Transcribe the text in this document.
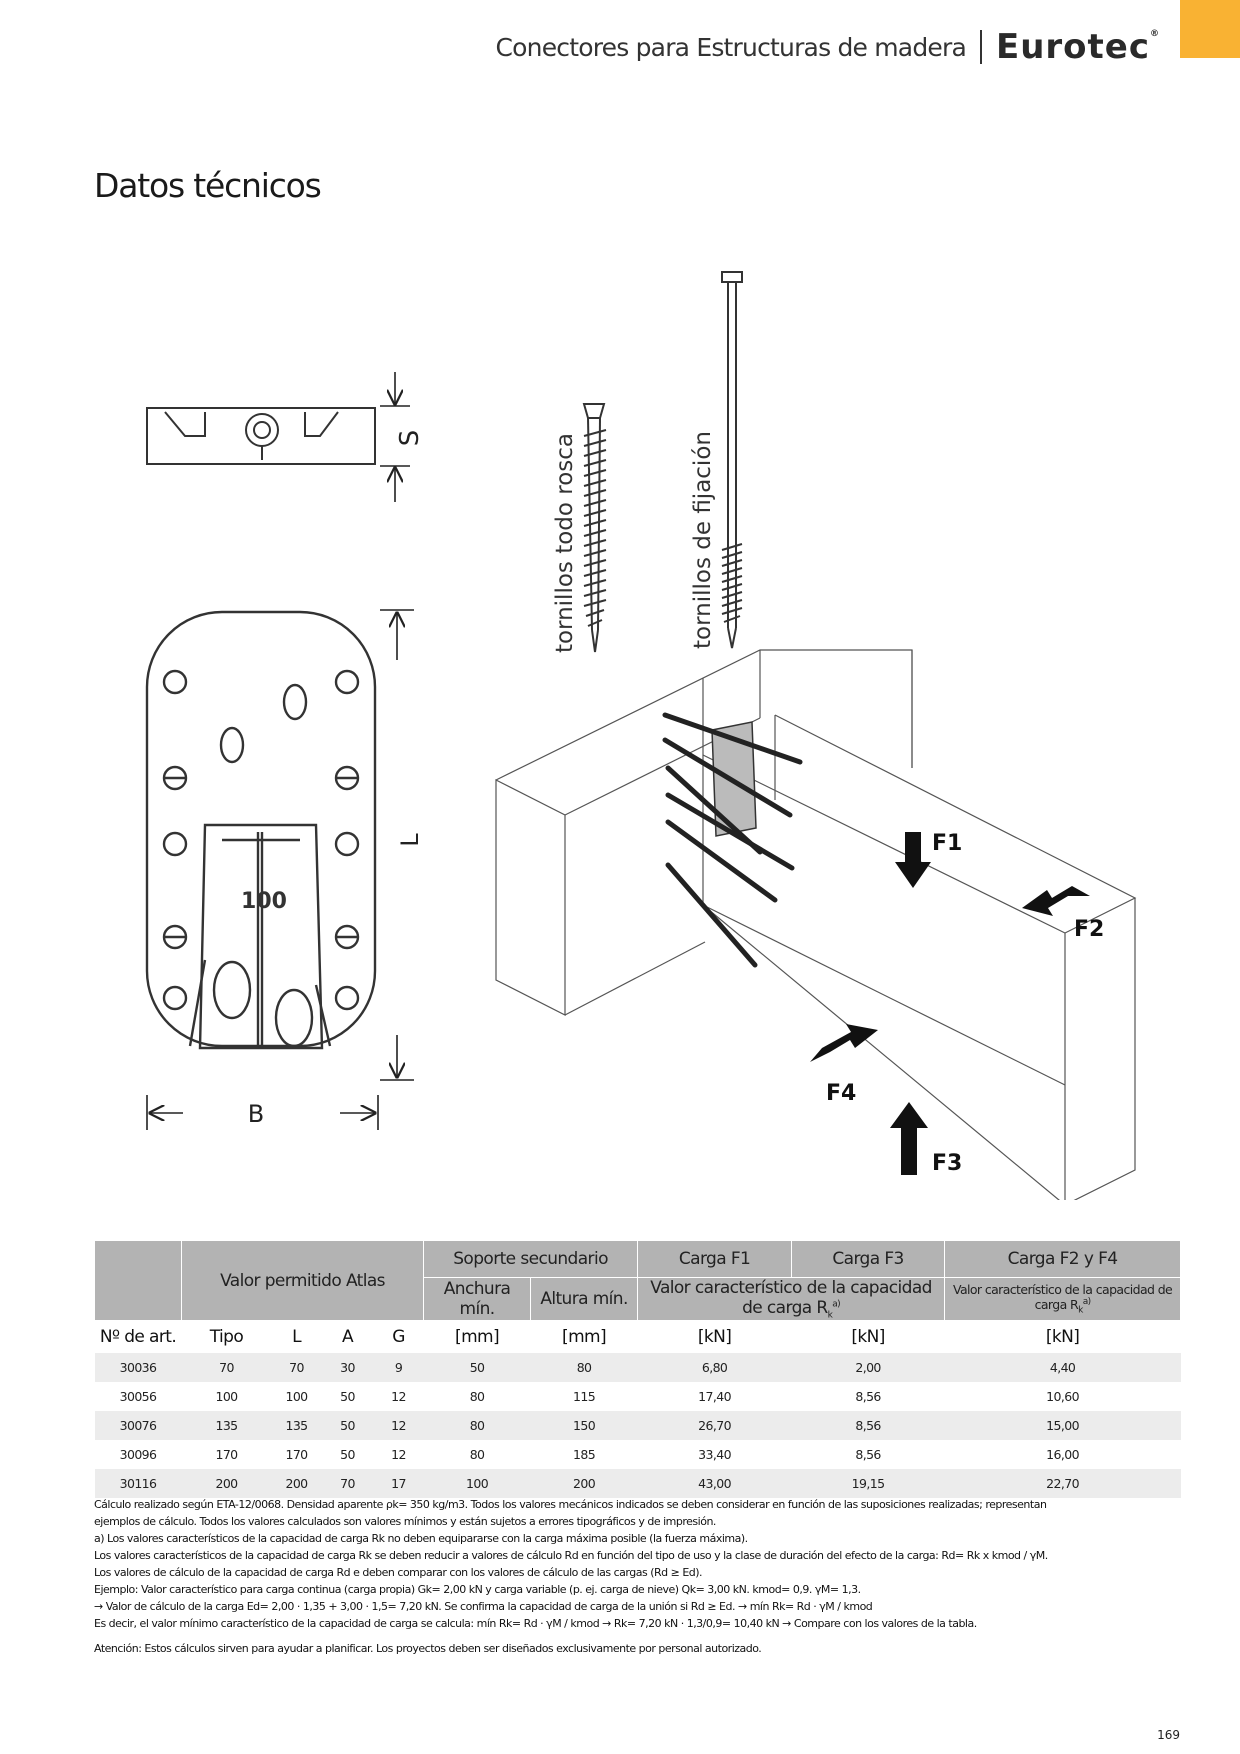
Conectores para Estructuras de madera Eurotec ®
Datos técnicos
S
100
L
B
tornillos todo rosca	tornillos de fijación
F1
F2
F4
F3
	Valor permitido Atlas				Soporte secundario		Carga F1	Carga F3	Carga F2 y F4
					Anchura mín.	Altura mín.	Valor característico de la capacidad de carga $R_k^{a)}$		Valor característico de la capacidad de carga $R_k^{a)}$
Nº de art.	Tipo	L	A	G	[mm]	[mm]	[kN]	[kN]	[kN]
30036	70	70	30	9	50	80	6,80	2,00	4,40
30056	100	100	50	12	80	115	17,40	8,56	10,60
30076	135	135	50	12	80	150	26,70	8,56	15,00
30096	170	170	50	12	80	185	33,40	8,56	16,00
30116	200	200	70	17	100	200	43,00	19,15	22,70

Cálculo realizado según ETA-12/0068. Densidad aparente ρk= 350 kg/m3. Todos los valores mecánicos indicados se deben considerar en función de las suposiciones realizadas; representan

ejemplos de cálculo. Todos los valores calculados son valores mínimos y están sujetos a errores tipográficos y de impresión.

a) Los valores característicos de la capacidad de carga Rk no deben equipararse con la carga máxima posible (la fuerza máxima).

Los valores característicos de la capacidad de carga Rk se deben reducir a valores de cálculo Rd en función del tipo de uso y la clase de duración del efecto de la carga: Rd= Rk x kmod / γM.

Los valores de cálculo de la capacidad de carga Rd e deben comparar con los valores de cálculo de las cargas (Rd ≥ Ed).

Ejemplo: Valor característico para carga continua (carga propia) Gk= 2,00 kN y carga variable (p. ej. carga de nieve) Qk= 3,00 kN. kmod= 0,9. γM= 1,3.

→ Valor de cálculo de la carga Ed= 2,00 · 1,35 + 3,00 · 1,5= 7,20 kN. Se confirma la capacidad de carga de la unión si Rd ≥ Ed. → mín Rk= Rd · γM / kmod

Es decir, el valor mínimo característico de la capacidad de carga se calcula: mín Rk= Rd · γM / kmod → Rk= 7,20 kN · 1,3/0,9= 10,40 kN → Compare con los valores de la tabla.

Atención: Estos cálculos sirven para ayudar a planificar. Los proyectos deben ser diseñados exclusivamente por personal autorizado.

169
